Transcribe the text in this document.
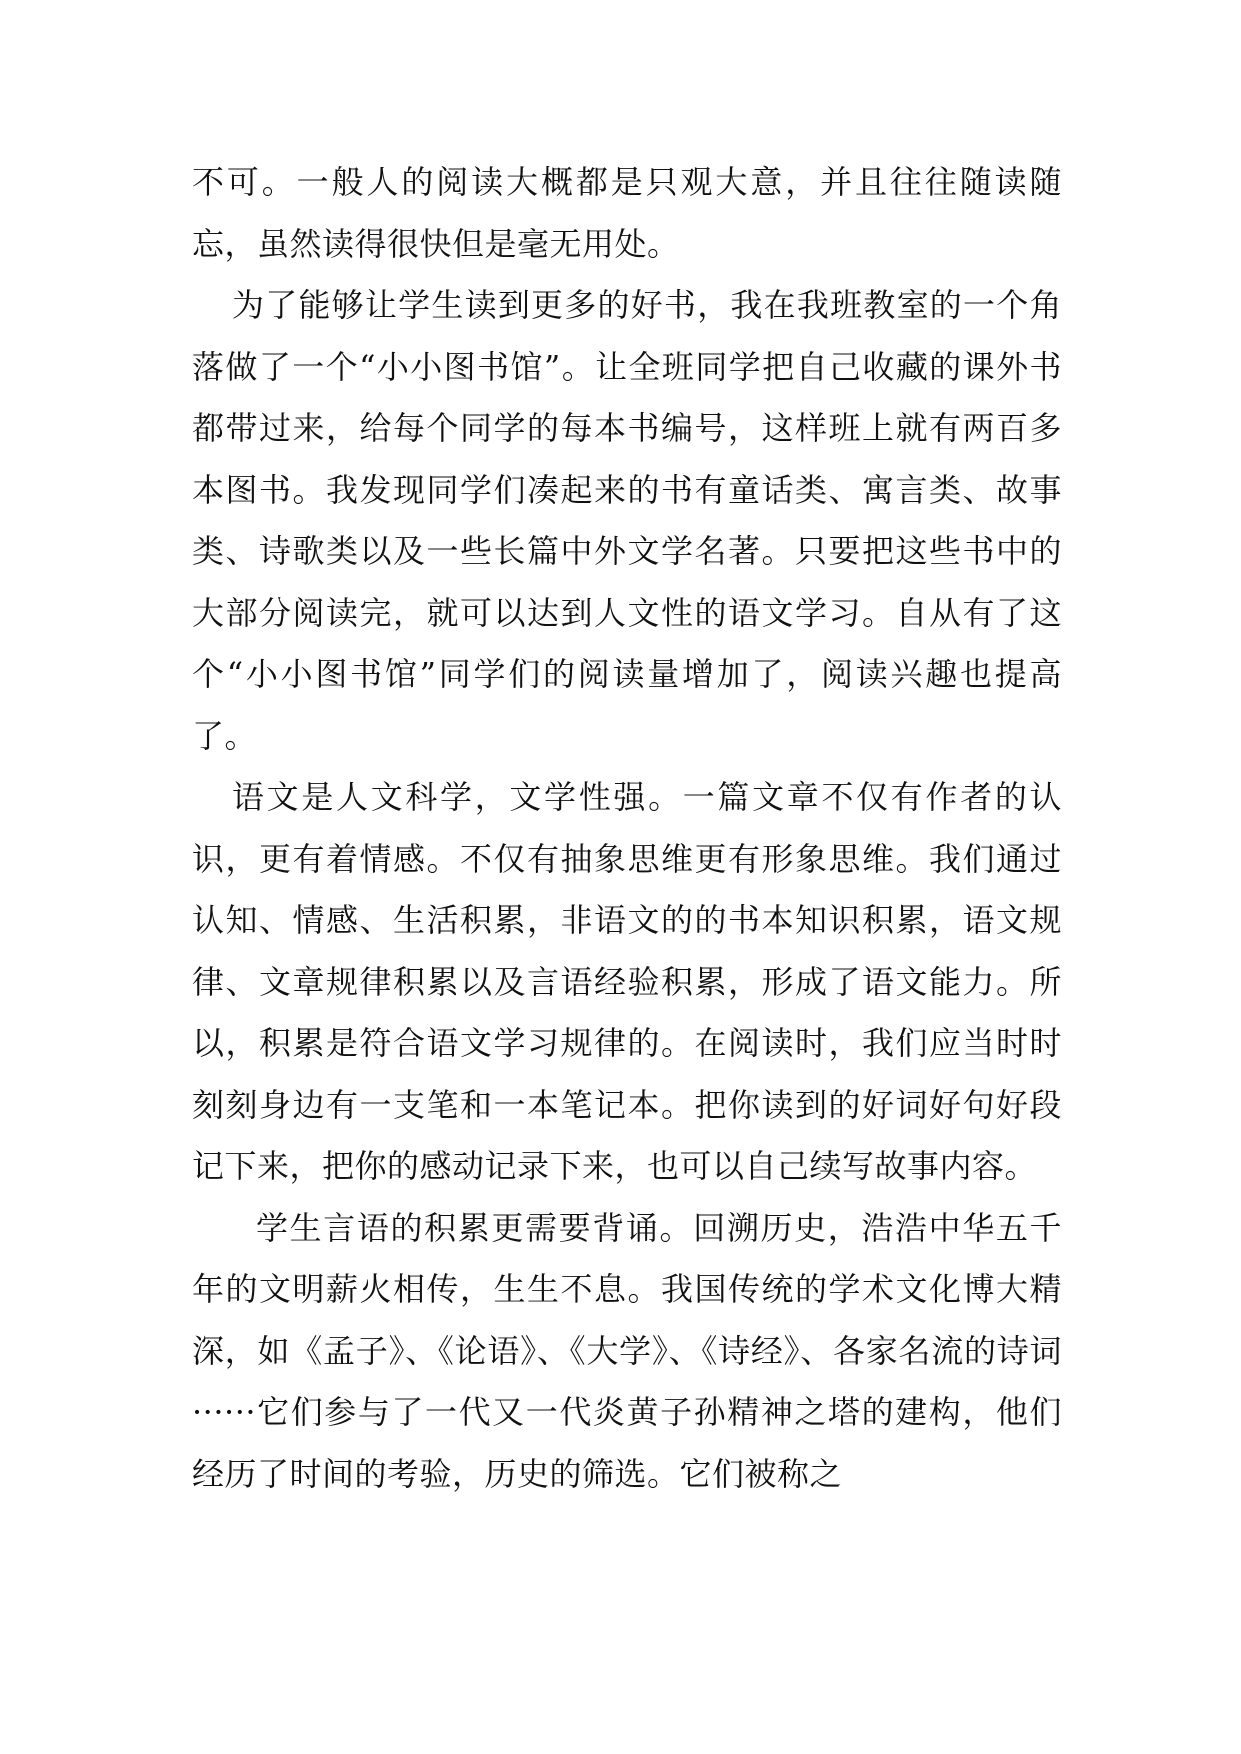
不可。一般人的阅读大概都是只观大意，并且往往随读随忘，虽然读得很快但是毫无用处。

为了能够让学生读到更多的好书，我在我班教室的一个角落做了一个“小小图书馆”。让全班同学把自己收藏的课外书都带过来，给每个同学的每本书编号，这样班上就有两百多本图书。我发现同学们凑起来的书有童话类、寓言类、故事类、诗歌类以及一些长篇中外文学名著。只要把这些书中的大部分阅读完，就可以达到人文性的语文学习。自从有了这个“小小图书馆”同学们的阅读量增加了，阅读兴趣也提高了。

语文是人文科学，文学性强。一篇文章不仅有作者的认识，更有着情感。不仅有抽象思维更有形象思维。我们通过认知、情感、生活积累，非语文的的书本知识积累，语文规律、文章规律积累以及言语经验积累，形成了语文能力。所以，积累是符合语文学习规律的。在阅读时，我们应当时时刻刻身边有一支笔和一本笔记本。把你读到的好词好句好段记下来，把你的感动记录下来，也可以自己续写故事内容。

学生言语的积累更需要背诵。回溯历史，浩浩中华五千年的文明薪火相传，生生不息。我国传统的学术文化博大精深，如《孟子》、《论语》、《大学》、《诗经》、各家名流的诗词······它们参与了一代又一代炎黄子孙精神之塔的建构，他们经历了时间的考验，历史的筛选。它们被称之
